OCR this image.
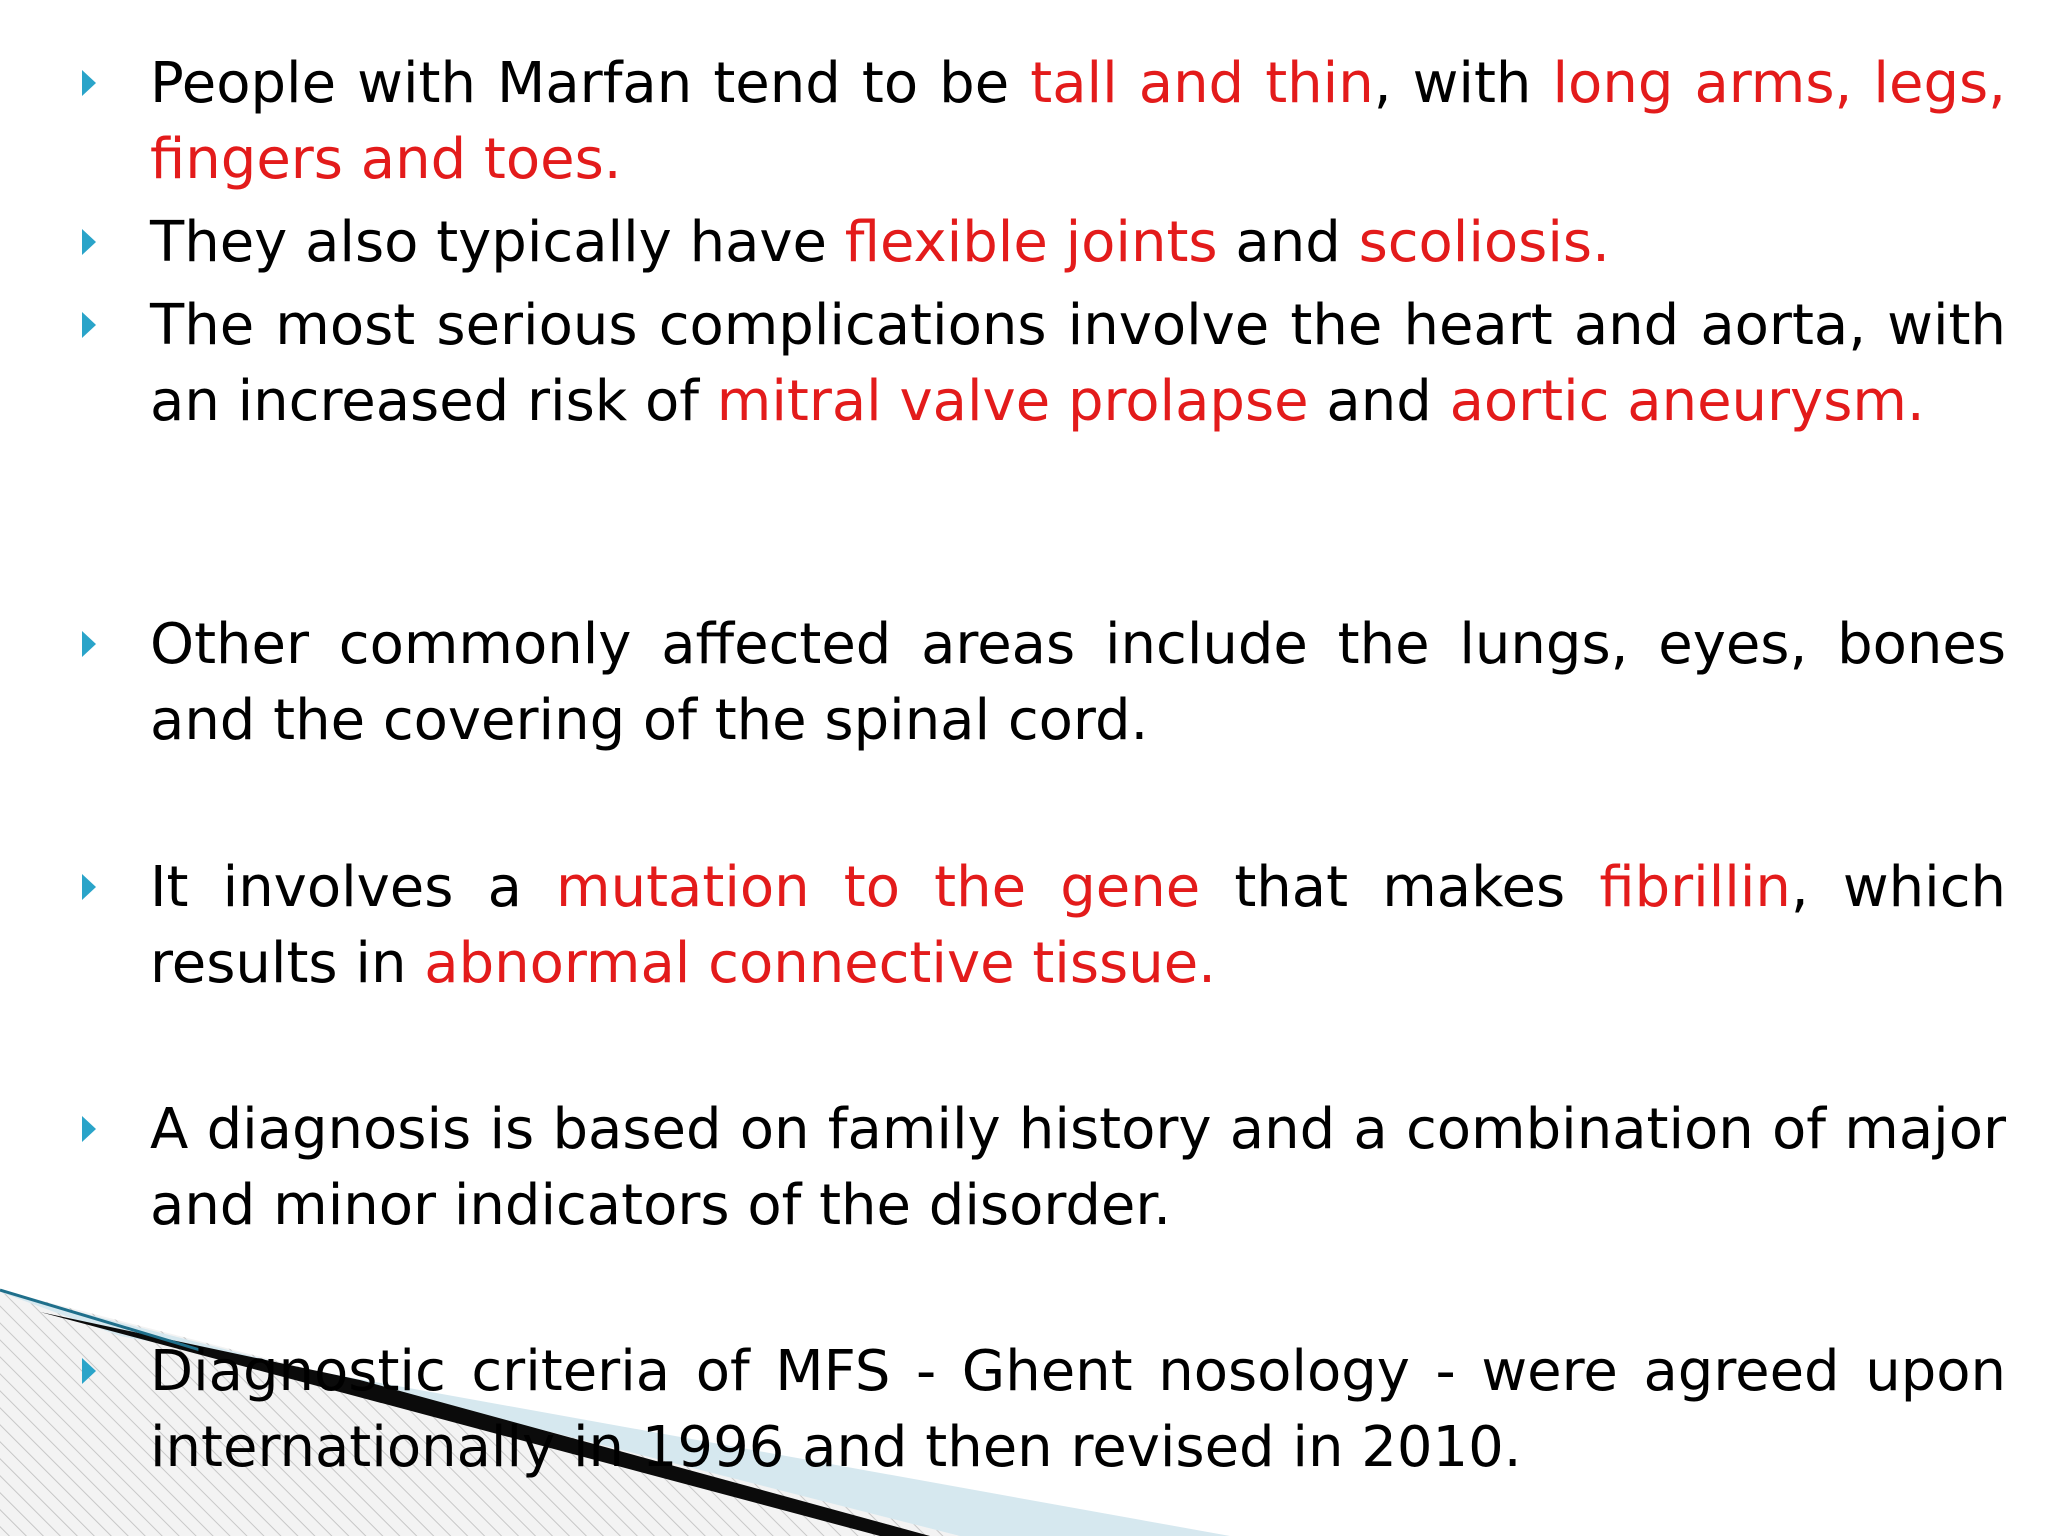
People with Marfan tend to be tall and thin, with long arms, legs, fingers and toes.
They also typically have flexible joints and scoliosis.
The most serious complications involve the heart and aorta, with an increased risk of mitral valve prolapse and aortic aneurysm.
Other commonly affected areas include the lungs, eyes, bones and the covering of the spinal cord.
It involves a mutation to the gene that makes fibrillin, which results in abnormal connective tissue.
A diagnosis is based on family history and a combination of major and minor indicators of the disorder.
Diagnostic criteria of MFS - Ghent nosology - were agreed upon internationally in 1996 and then revised in 2010.
